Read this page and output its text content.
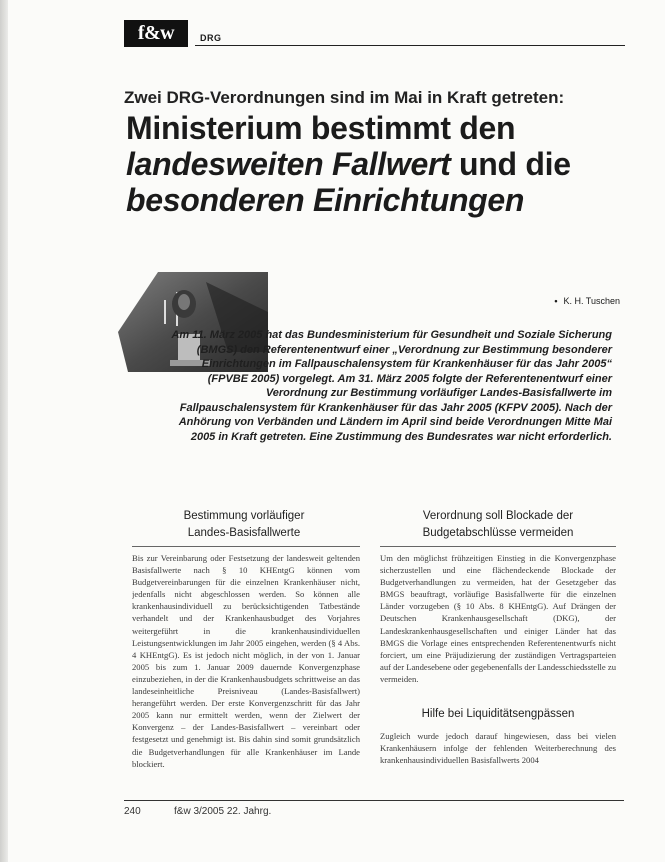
f&w	DRG
Zwei DRG-Verordnungen sind im Mai in Kraft getreten:
Ministerium bestimmt den
landesweiten Fallwert und die
besonderen Einrichtungen
• K. H. Tuschen
Am 11. März 2005 hat das Bundesministerium für Gesundheit und Soziale Sicherung (BMGS) den Referentenentwurf einer „Verordnung zur Bestimmung besonderer Einrichtungen im Fallpauschalensystem für Krankenhäuser für das Jahr 2005“ (FPVBE 2005) vorgelegt. Am 31. März 2005 folgte der Referentenentwurf einer Verordnung zur Bestimmung vorläufiger Landes-Basisfallwerte im Fallpauschalensystem für Krankenhäuser für das Jahr 2005 (KFPV 2005). Nach der Anhörung von Verbänden und Ländern im April sind beide Verordnungen Mitte Mai 2005 in Kraft getreten. Eine Zustimmung des Bundesrates war nicht erforderlich.
Bestimmung vorläufiger
Landes-Basisfallwerte
Verordnung soll Blockade der
Budgetabschlüsse vermeiden
Bis zur Vereinbarung oder Festsetzung der landesweit geltenden Basisfallwerte nach § 10 KHEntgG können vom Budgetvereinbarungen für die einzelnen Krankenhäuser nicht, jedenfalls nicht abgeschlossen werden. So können alle krankenhausindividuell zu berücksichtigenden Tatbestände verhandelt und der Krankenhausbudget des Vorjahres weitergeführt in die krankenhausindividuellen Leistungsentwicklungen im Jahr 2005 eingehen, werden (§ 4 Abs. 4 KHEntgG). Es ist jedoch nicht möglich, in der von 1. Januar 2005 bis zum 1. Januar 2009 dauernde Konvergenzphase einzubeziehen, in der die Krankenhausbudgets schrittweise an das landeseinheitliche Preisniveau (Landes-Basisfallwert) herangeführt werden. Der erste Konvergenzschritt für das Jahr 2005 kann nur ermittelt werden, wenn der Zielwert der Konvergenz – der Landes-Basisfallwert – vereinbart oder festgesetzt und genehmigt ist. Bis dahin sind somit grundsätzlich die Budgetverhandlungen für alle Krankenhäuser im Lande blockiert.
Um den möglichst frühzeitigen Einstieg in die Konvergenzphase sicherzustellen und eine flächendeckende Blockade der Budgetverhandlungen zu vermeiden, hat der Gesetzgeber das BMGS beauftragt, vorläufige Basisfallwerte für die einzelnen Länder vorzugeben (§ 10 Abs. 8 KHEntgG). Auf Drängen der Deutschen Krankenhausgesellschaft (DKG), der Landeskrankenhausgesellschaften und einiger Länder hat das BMGS die Vorlage eines entsprechenden Referentenentwurfs nicht forciert, um eine Präjudizierung der zuständigen Vertragsparteien auf der Landesebene oder gegebenenfalls der Landesschiedsstelle zu vermeiden.
Hilfe bei Liquiditätsengpässen
Zugleich wurde jedoch darauf hingewiesen, dass bei vielen Krankenhäusern infolge der fehlenden Weiterberechnung des krankenhausindividuellen Basisfallwerts 2004
240	f&w 3/2005 22. Jahrg.
